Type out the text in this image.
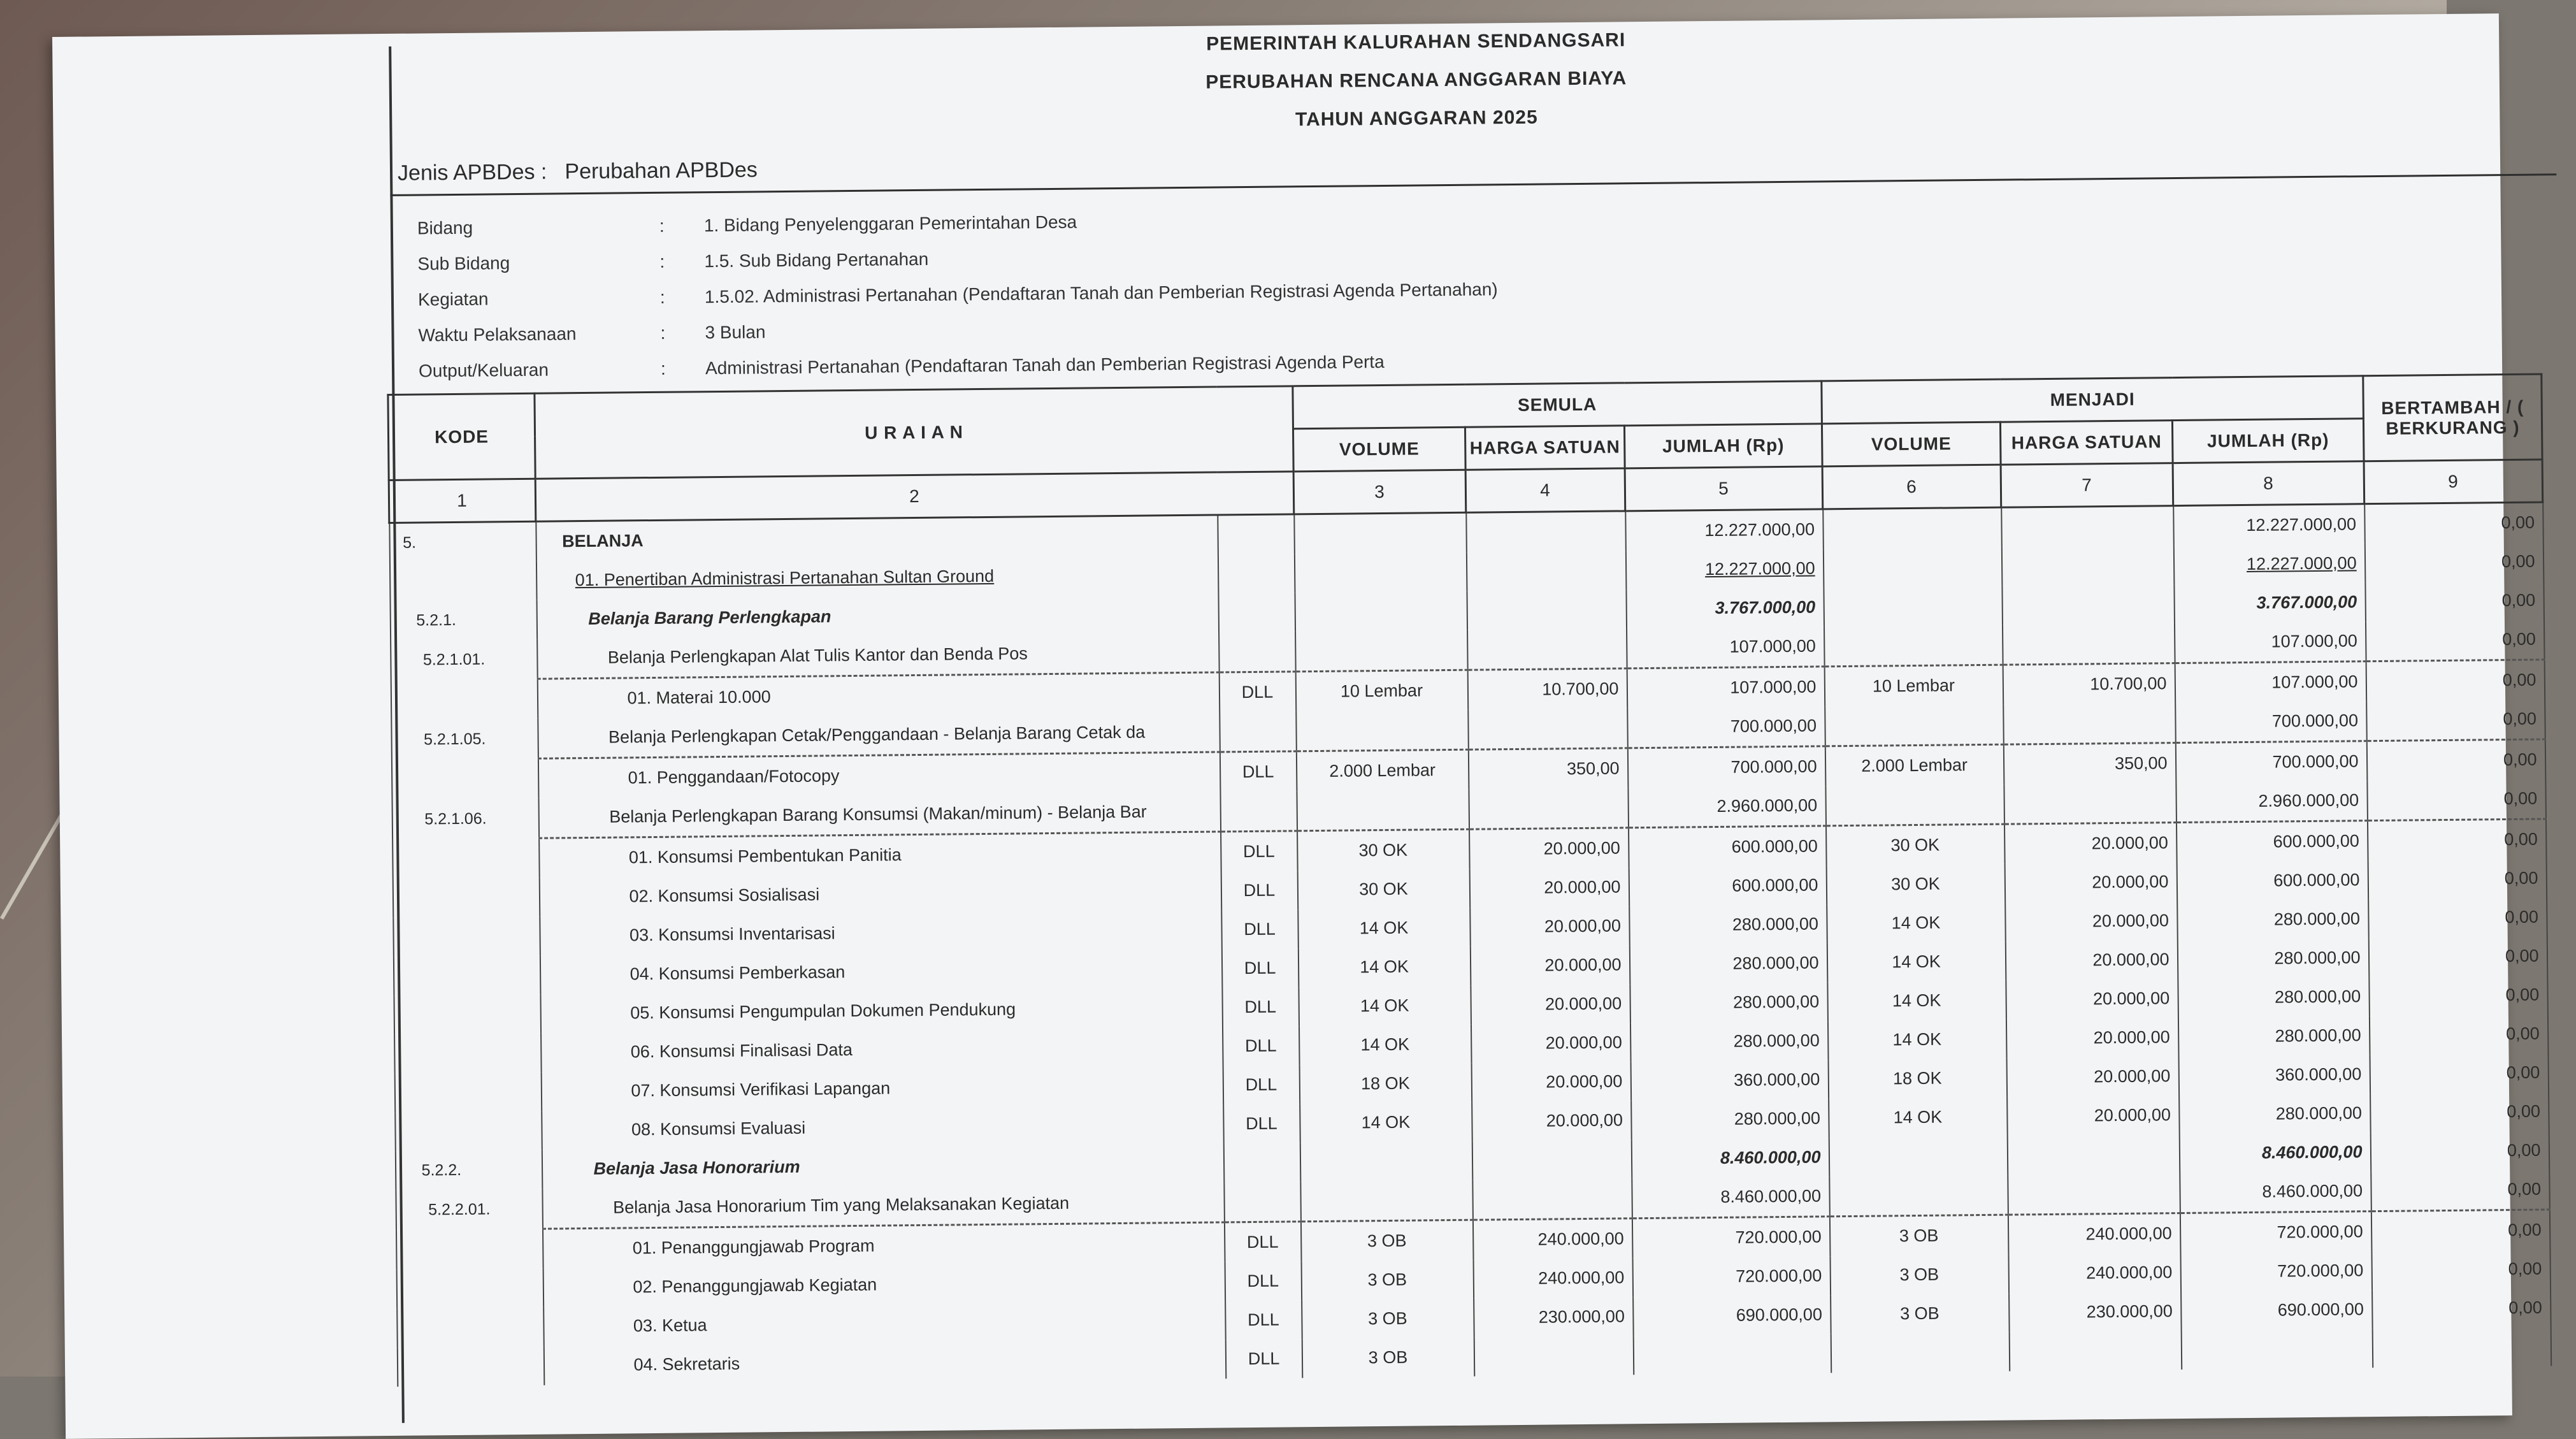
PEMERINTAH KALURAHAN SENDANGSARI
PERUBAHAN RENCANA ANGGARAN BIAYA
TAHUN ANGGARAN 2025
Jenis APBDes : Perubahan APBDes
Bidang	: 1. Bidang Penyelenggaran Pemerintahan Desa
Sub Bidang	: 1.5. Sub Bidang Pertanahan
Kegiatan	: 1.5.02. Administrasi Pertanahan (Pendaftaran Tanah dan Pemberian Registrasi Agenda Pertanahan)
Waktu Pelaksanaan	: 3 Bulan
Output/Keluaran	: Administrasi Pertanahan (Pendaftaran Tanah dan Pemberian Registrasi Agenda Perta
KODE	U R A I A N		SEMULA			MENJADI			BERTAMBAH / ( BERKURANG )
			VOLUME	HARGA SATUAN	JUMLAH (Rp)	VOLUME	HARGA SATUAN	JUMLAH (Rp)	
1	2		3	4	5	6	7	8	9
5.	BELANJA				12.227.000,00			12.227.000,00	0,00
	01. Penertiban Administrasi Pertanahan Sultan Ground				12.227.000,00			12.227.000,00	0,00
5.2.1.	Belanja Barang Perlengkapan				3.767.000,00			3.767.000,00	0,00
5.2.1.01.	Belanja Perlengkapan Alat Tulis Kantor dan Benda Pos				107.000,00			107.000,00	0,00
	01. Materai 10.000	DLL	10 Lembar	10.700,00	107.000,00	10 Lembar	10.700,00	107.000,00	0,00
5.2.1.05.	Belanja Perlengkapan Cetak/Penggandaan - Belanja Barang Cetak da				700.000,00			700.000,00	0,00
	01. Penggandaan/Fotocopy	DLL	2.000 Lembar	350,00	700.000,00	2.000 Lembar	350,00	700.000,00	0,00
5.2.1.06.	Belanja Perlengkapan Barang Konsumsi (Makan/minum) - Belanja Bar				2.960.000,00			2.960.000,00	0,00
	01. Konsumsi Pembentukan Panitia	DLL	30 OK	20.000,00	600.000,00	30 OK	20.000,00	600.000,00	0,00
	02. Konsumsi Sosialisasi	DLL	30 OK	20.000,00	600.000,00	30 OK	20.000,00	600.000,00	0,00
	03. Konsumsi Inventarisasi	DLL	14 OK	20.000,00	280.000,00	14 OK	20.000,00	280.000,00	0,00
	04. Konsumsi Pemberkasan	DLL	14 OK	20.000,00	280.000,00	14 OK	20.000,00	280.000,00	0,00
	05. Konsumsi Pengumpulan Dokumen Pendukung	DLL	14 OK	20.000,00	280.000,00	14 OK	20.000,00	280.000,00	0,00
	06. Konsumsi Finalisasi Data	DLL	14 OK	20.000,00	280.000,00	14 OK	20.000,00	280.000,00	0,00
	07. Konsumsi Verifikasi Lapangan	DLL	18 OK	20.000,00	360.000,00	18 OK	20.000,00	360.000,00	0,00
	08. Konsumsi Evaluasi	DLL	14 OK	20.000,00	280.000,00	14 OK	20.000,00	280.000,00	0,00
5.2.2.	Belanja Jasa Honorarium				8.460.000,00			8.460.000,00	0,00
5.2.2.01.	Belanja Jasa Honorarium Tim yang Melaksanakan Kegiatan				8.460.000,00			8.460.000,00	0,00
	01. Penanggungjawab Program	DLL	3 OB	240.000,00	720.000,00	3 OB	240.000,00	720.000,00	0,00
	02. Penanggungjawab Kegiatan	DLL	3 OB	240.000,00	720.000,00	3 OB	240.000,00	720.000,00	0,00
	03. Ketua	DLL	3 OB	230.000,00	690.000,00	3 OB	230.000,00	690.000,00	0,00
	04. Sekretaris	DLL	3 OB						
